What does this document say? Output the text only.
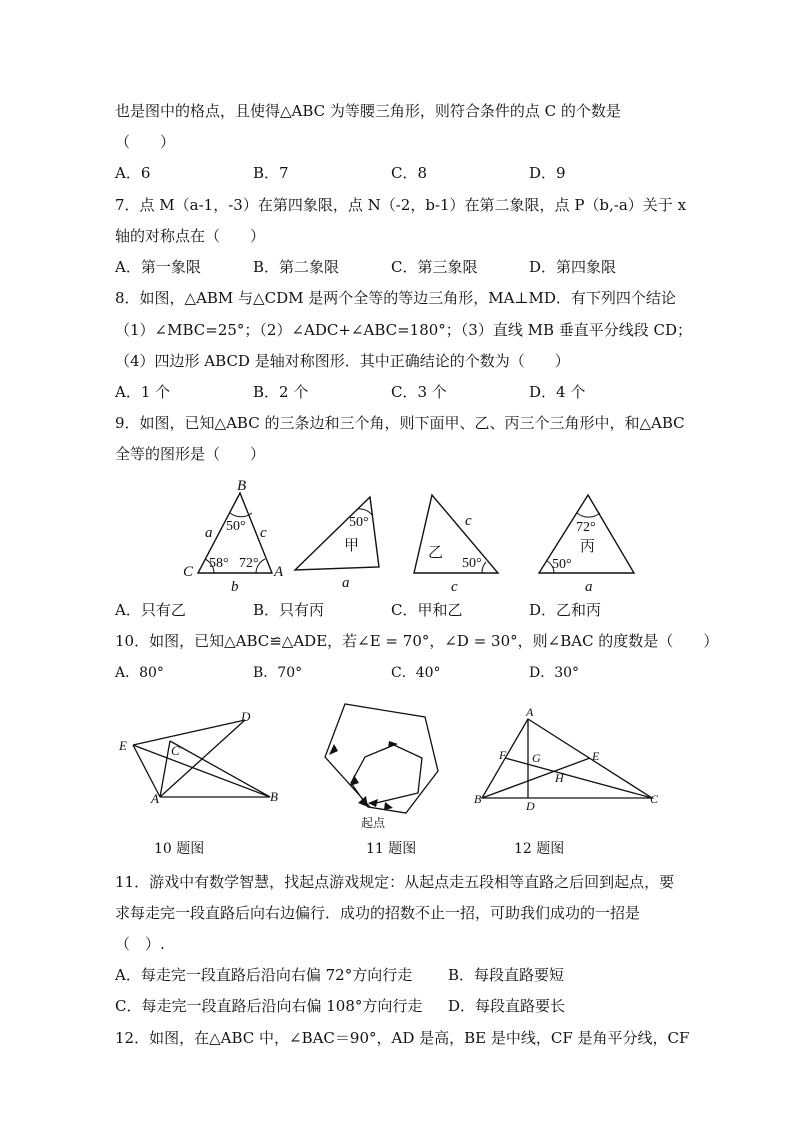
也是图中的格点，且使得△ABC 为等腰三角形，则符合条件的点 C 的个数是
（　　）
A．6	B．7	C．8	D．9
7．点 M（a-1，-3）在第四象限，点 N（-2，b-1）在第二象限，点 P（b,-a）关于 x
轴的对称点在（　　）
A．第一象限	B．第二象限	C．第三象限	D．第四象限
8．如图，△ABM 与△CDM 是两个全等的等边三角形，MA⊥MD．有下列四个结论
（1）∠MBC=25°；（2）∠ADC+∠ABC=180°；（3）直线 MB 垂直平分线段 CD；
（4）四边形 ABCD 是轴对称图形．其中正确结论的个数为（　　）
A．1 个	B．2 个	C．3 个	D．4 个
9．如图，已知△ABC 的三条边和三个角，则下面甲、乙、丙三个三角形中，和△ABC
全等的图形是（　　）
B
C	A
a	c
b
50°
58° 72°
50°
甲
a
乙
50°
c
c
72°
丙
50°
a
A．只有乙	B．只有丙	C．甲和乙	D．乙和丙
10．如图，已知△ABC≌△ADE，若∠E = 70°，∠D = 30°，则∠BAC 的度数是（　　）
A．80°	B．70°	C．40°	D．30°
E
D
C
A	B
起点
A
F G	E
H
B	D	C
10 题图	11 题图	12 题图
11．游戏中有数学智慧，找起点游戏规定：从起点走五段相等直路之后回到起点，要
求每走完一段直路后向右边偏行．成功的招数不止一招，可助我们成功的一招是
（　）.
A．每走完一段直路后沿向右偏 72°方向行走 B．每段直路要短
C．每走完一段直路后沿向右偏 108°方向行走 D．每段直路要长
12．如图，在△ABC 中，∠BAC＝90°，AD 是高，BE 是中线，CF 是角平分线，CF
